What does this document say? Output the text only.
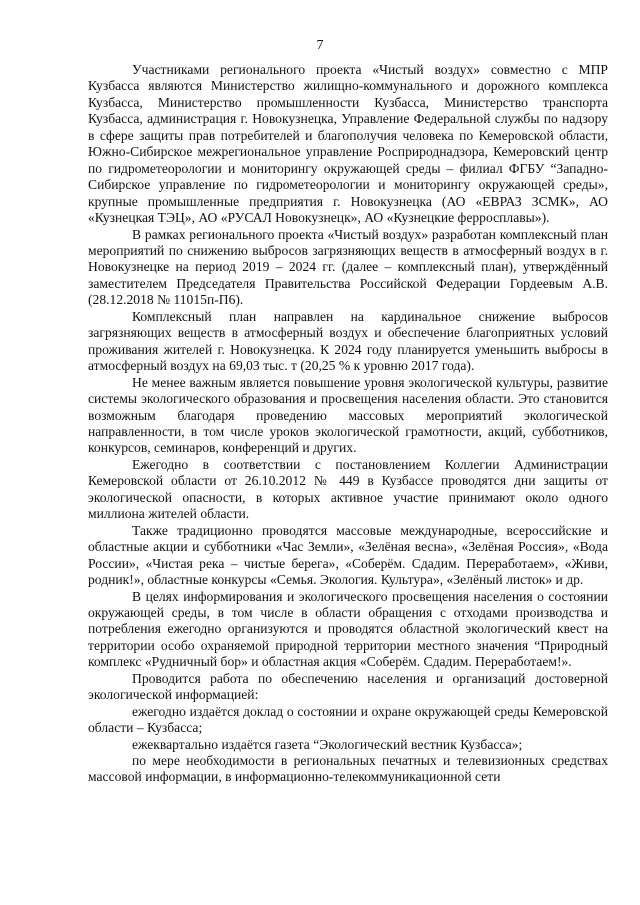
7

Участниками регионального проекта «Чистый воздух» совместно с МПР Кузбасса являются Министерство жилищно-коммунального и дорожного комплекса Кузбасса, Министерство промышленности Кузбасса, Министерство транспорта Кузбасса, администрация г. Новокузнецка, Управление Федеральной службы по надзору в сфере защиты прав потребителей и благополучия человека по Кемеровской области, Южно-Сибирское межрегиональное управление Росприроднадзора, Кемеровский центр по гидрометеорологии и мониторингу окружающей среды – филиал ФГБУ “Западно-Сибирское управление по гидрометеорологии и мониторингу окружающей среды», крупные промышленные предприятия г. Новокузнецка (АО «ЕВРАЗ ЗСМК», АО «Кузнецкая ТЭЦ», АО «РУСАЛ Новокузнецк», АО «Кузнецкие ферросплавы»).

В рамках регионального проекта «Чистый воздух» разработан комплексный план мероприятий по снижению выбросов загрязняющих веществ в атмосферный воздух в г. Новокузнецке на период 2019 – 2024 гг. (далее – комплексный план), утверждённый заместителем Председателя Правительства Российской Федерации Гордеевым А.В. (28.12.2018 № 11015п-П6).

Комплексный план направлен на кардинальное снижение выбросов загрязняющих веществ в атмосферный воздух и обеспечение благоприятных условий проживания жителей г. Новокузнецка. К 2024 году планируется уменьшить выбросы в атмосферный воздух на 69,03 тыс. т (20,25 % к уровню 2017 года).

Не менее важным является повышение уровня экологической культуры, развитие системы экологического образования и просвещения населения области. Это становится возможным благодаря проведению массовых мероприятий экологической направленности, в том числе уроков экологической грамотности, акций, субботников, конкурсов, семинаров, конференций и других.

Ежегодно в соответствии с постановлением Коллегии Администрации Кемеровской области от 26.10.2012 № 449 в Кузбассе проводятся дни защиты от экологической опасности, в которых активное участие принимают около одного миллиона жителей области.

Также традиционно проводятся массовые международные, всероссийские и областные акции и субботники «Час Земли», «Зелёная весна», «Зелёная Россия», «Вода России», «Чистая река – чистые берега», «Соберём. Сдадим. Переработаем», «Живи, родник!», областные конкурсы «Семья. Экология. Культура», «Зелёный листок» и др.

В целях информирования и экологического просвещения населения о состоянии окружающей среды, в том числе в области обращения с отходами производства и потребления ежегодно организуются и проводятся областной экологический квест на территории особо охраняемой природной территории местного значения “Природный комплекс «Рудничный бор» и областная акция «Соберём. Сдадим. Переработаем!».

Проводится работа по обеспечению населения и организаций достоверной экологической информацией:

ежегодно издаётся доклад о состоянии и охране окружающей среды Кемеровской области – Кузбасса;

ежеквартально издаётся газета “Экологический вестник Кузбасса»;

по мере необходимости в региональных печатных и телевизионных средствах массовой информации, в информационно-телекоммуникационной сети
